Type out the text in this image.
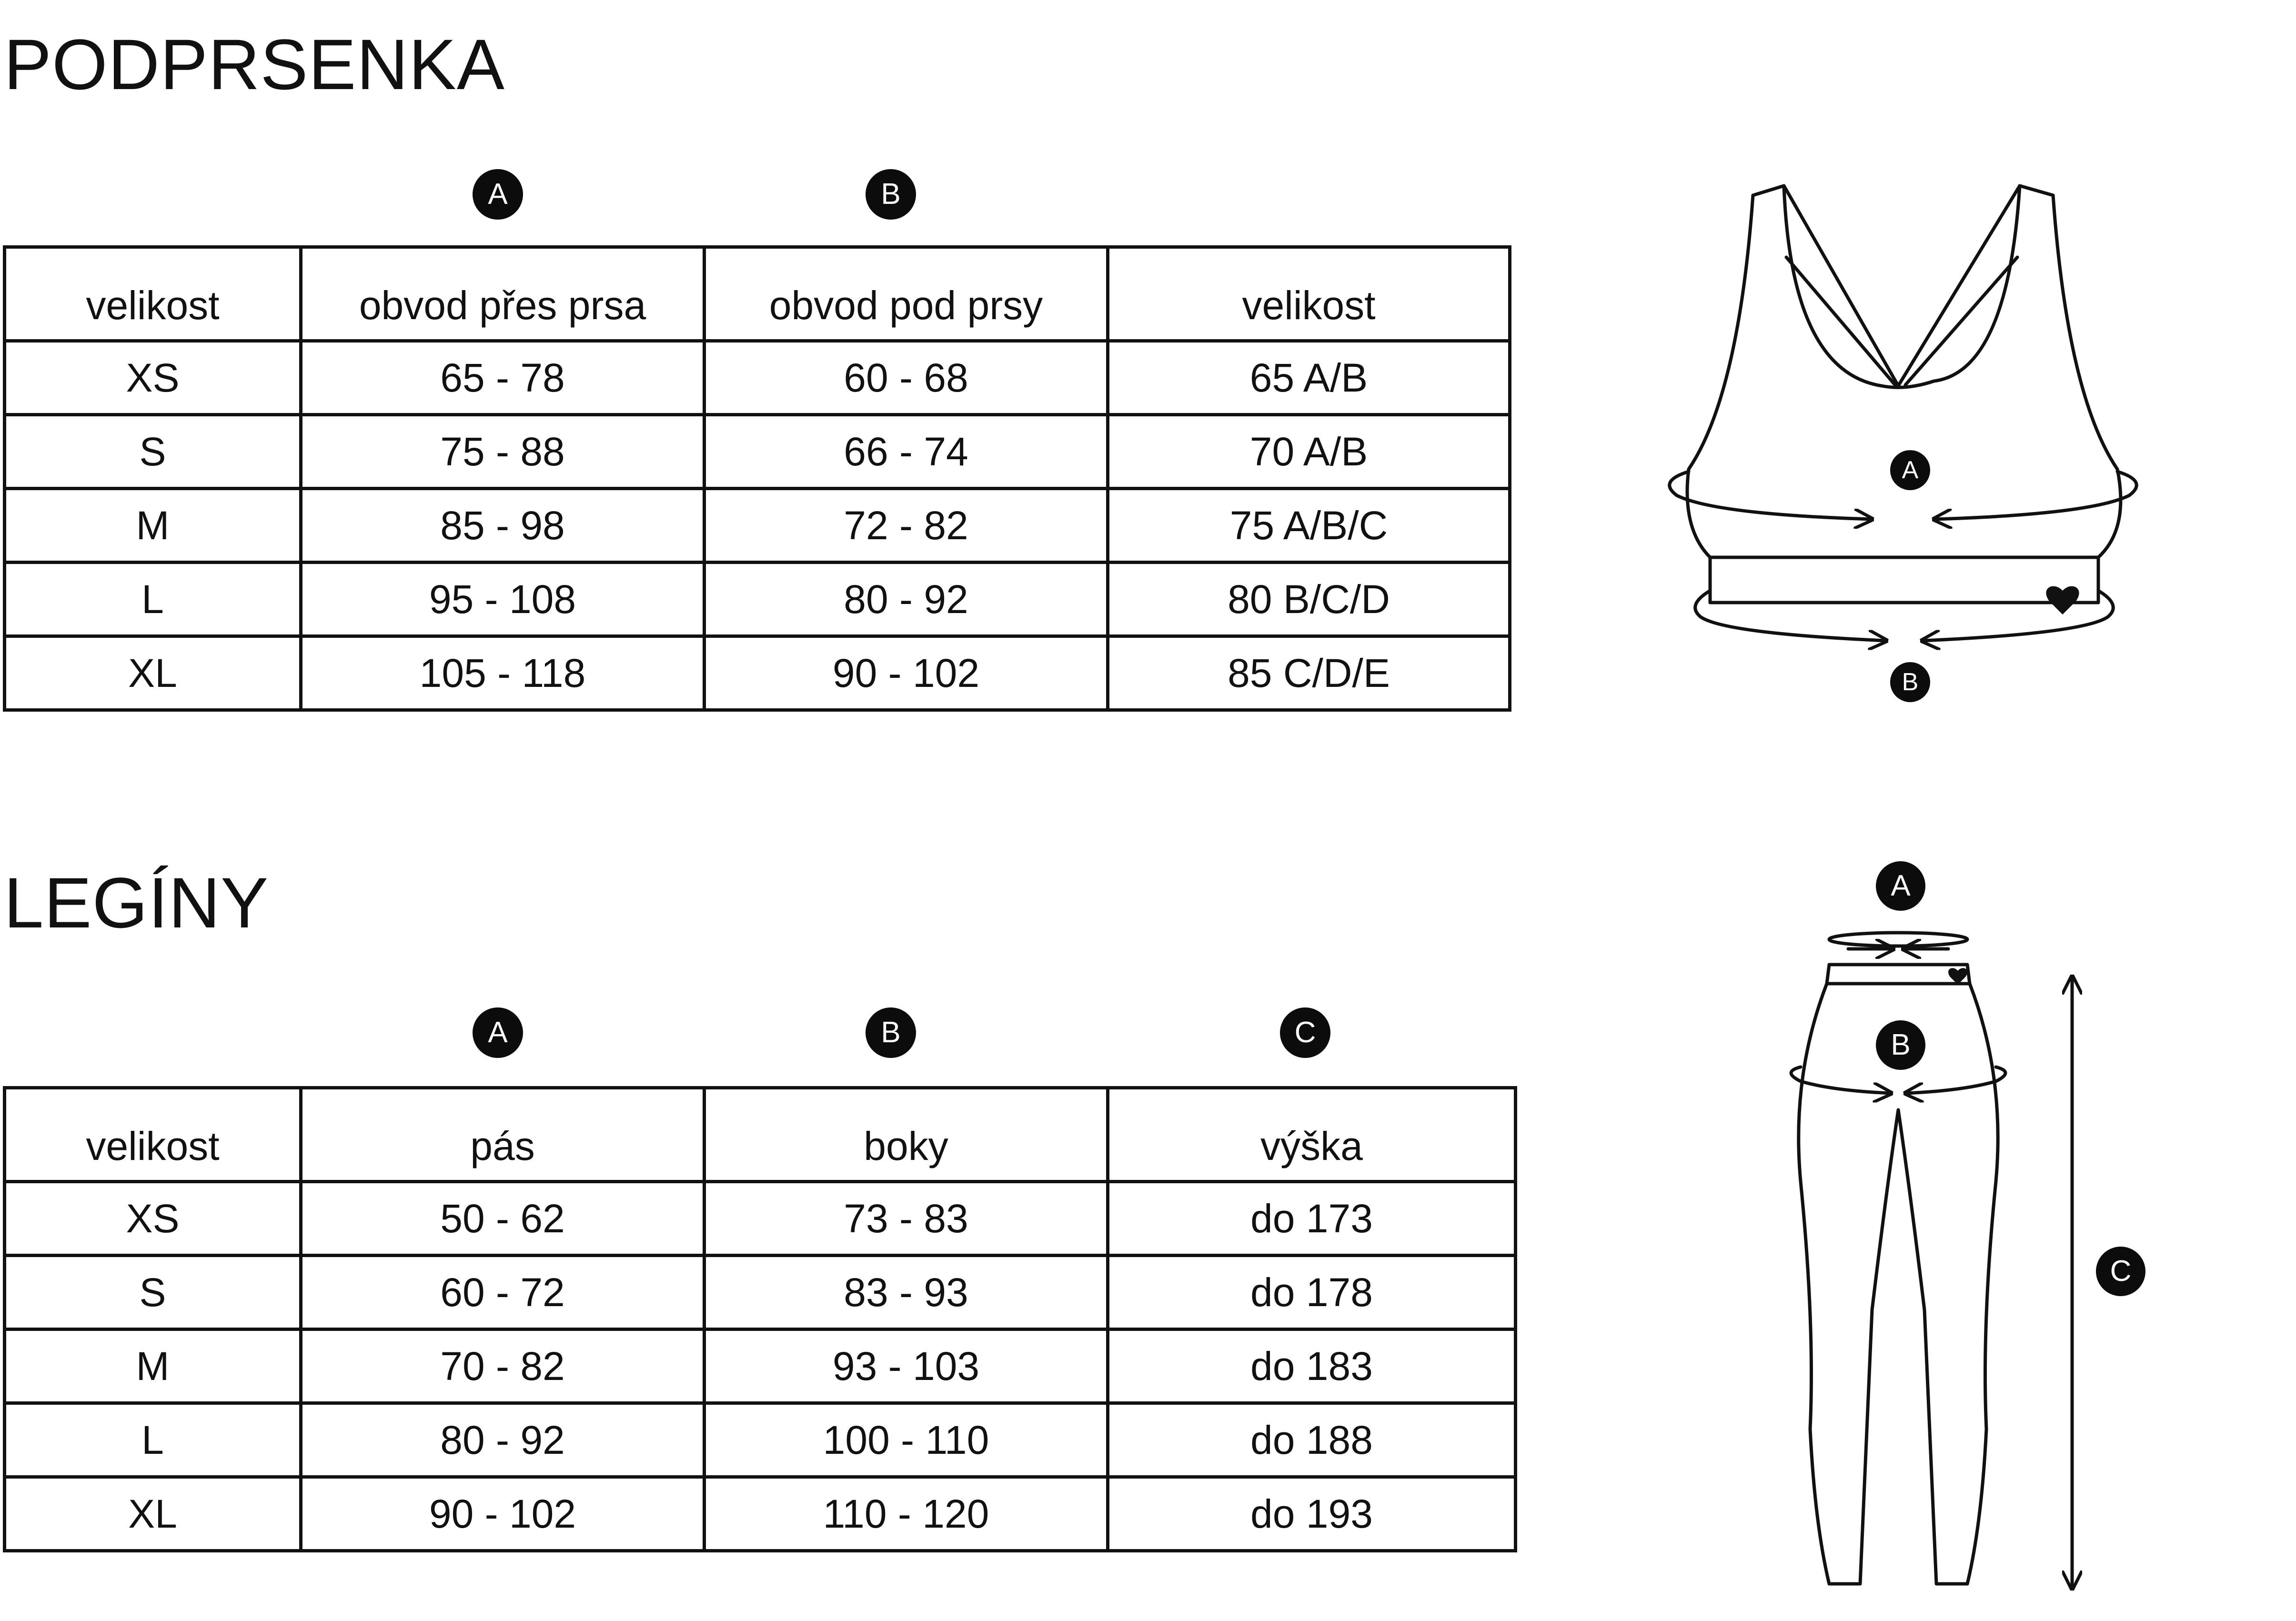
PODPRSENKA
A	B
velikost	obvod přes prsa	obvod pod prsy	velikost
XS	65 - 78	60 - 68	65 A/B
S	75 - 88	66 - 74	70 A/B
M	85 - 98	72 - 82	75 A/B/C
L	95 - 108	80 - 92	80 B/C/D
XL	105 - 118	90 - 102	85 C/D/E
LEGÍNY
A	B	C
velikost	pás	boky	výška
XS	50 - 62	73 - 83	do 173
S	60 - 72	83 - 93	do 178
M	70 - 82	93 - 103	do 183
L	80 - 92	100 - 110	do 188
XL	90 - 102	110 - 120	do 193
A
B
A
B
C
